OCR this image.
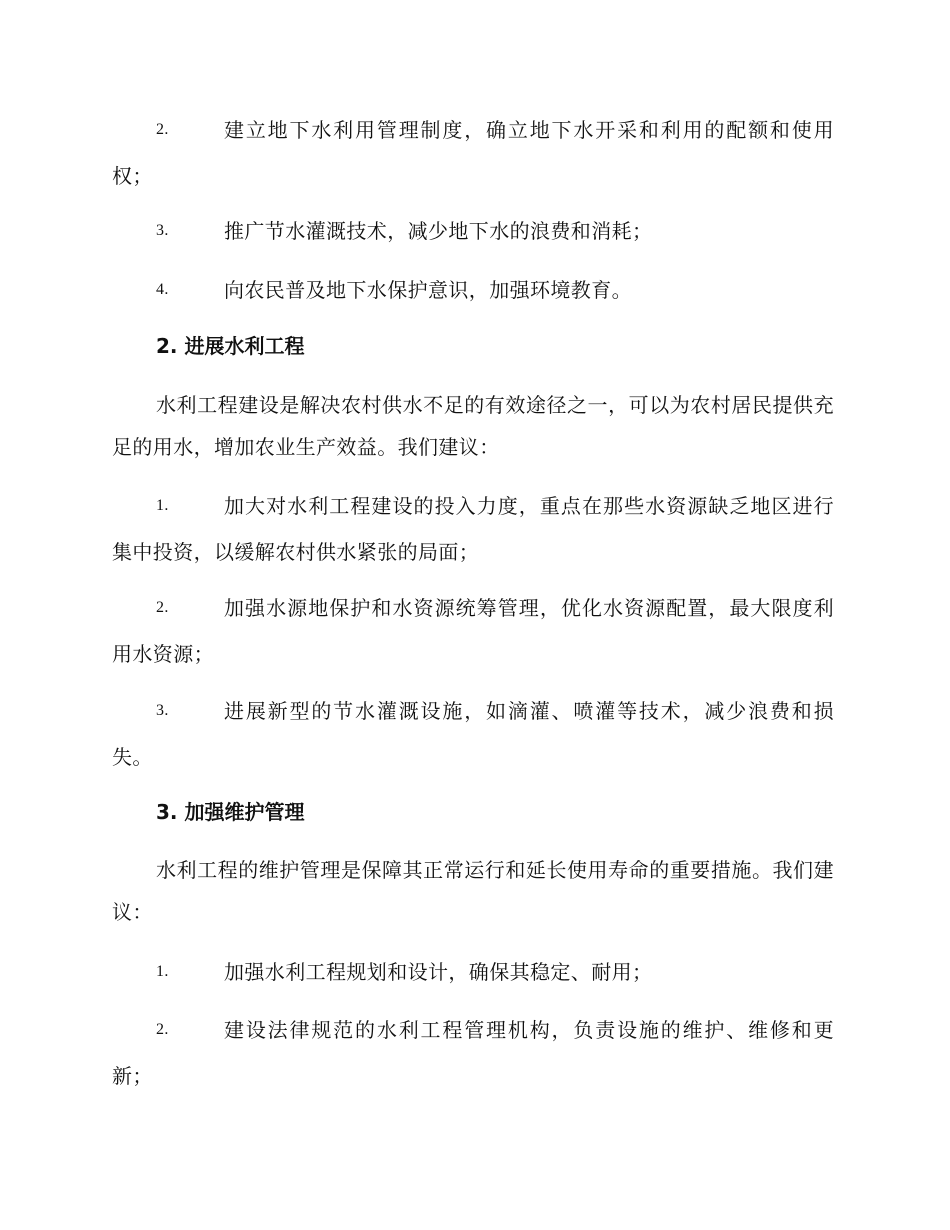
2.	建立地下水利用管理制度，确立地下水开采和利用的配额和使用权；
3.	推广节水灌溉技术，减少地下水的浪费和消耗；
4.	向农民普及地下水保护意识，加强环境教育。
2. 进展水利工程
水利工程建设是解决农村供水不足的有效途径之一，可以为农村居民提供充足的用水，增加农业生产效益。我们建议：
1.	加大对水利工程建设的投入力度，重点在那些水资源缺乏地区进行集中投资，以缓解农村供水紧张的局面；
2.	加强水源地保护和水资源统筹管理，优化水资源配置，最大限度利用水资源；
3.	进展新型的节水灌溉设施，如滴灌、喷灌等技术，减少浪费和损失。
3. 加强维护管理
水利工程的维护管理是保障其正常运行和延长使用寿命的重要措施。我们建议：
1.	加强水利工程规划和设计，确保其稳定、耐用；
2.	建设法律规范的水利工程管理机构，负责设施的维护、维修和更新；
